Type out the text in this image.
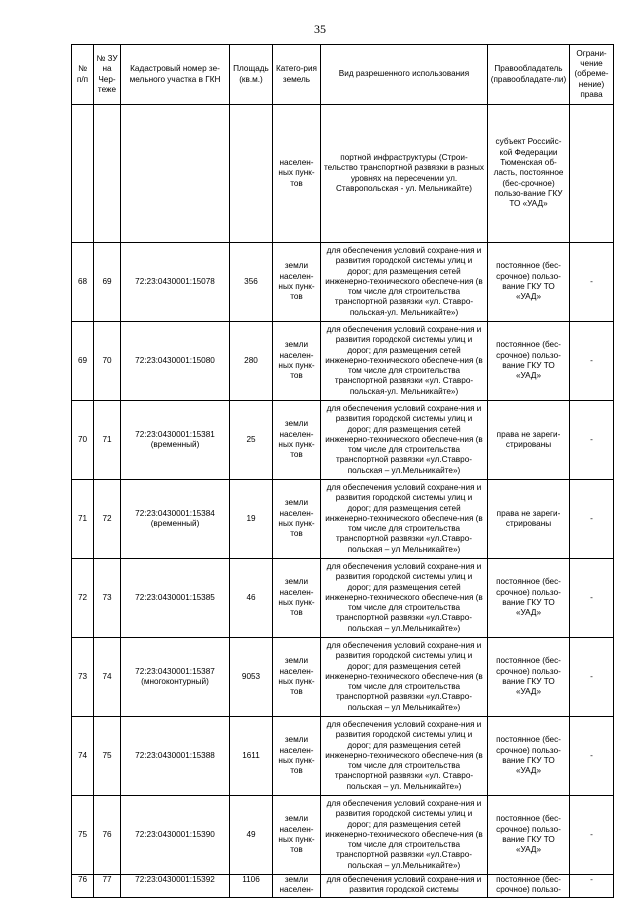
35
№ п/п	№ ЗУ на Чер-теже	Кадастровый номер зе-мельного участка в ГКН	Площадь (кв.м.)	Катего-рия земель	Вид разрешенного использования	Правообладатель (правообладате-ли)	Ограни-чение (обреме-нение) права
				населен-ных пунк-тов	портной инфраструктуры (Строи-тельство транспортной развязки в разных уровнях на пересечении ул. Ставропольская - ул. Мельникайте)	субъект Российс-кой Федерации Тюменская об-ласть, постоянное (бес-срочное) пользо-вание ГКУ ТО «УАД»	
68	69	72:23:0430001:15078	356	земли населен-ных пунк-тов	для обеспечения условий сохране-ния и развития городской системы улиц и дорог; для размещения сетей инженерно-технического обеспече-ния (в том числе для строительства транспортной развязки «ул. Ставро-польская-ул. Мельникайте»)	постоянное (бес-срочное) пользо-вание ГКУ ТО «УАД»	-
69	70	72:23:0430001:15080	280	земли населен-ных пунк-тов	для обеспечения условий сохране-ния и развития городской системы улиц и дорог; для размещения сетей инженерно-технического обеспече-ния (в том числе для строительства транспортной развязки «ул. Ставро-польская-ул. Мельникайте»)	постоянное (бес-срочное) пользо-вание ГКУ ТО «УАД»	-
70	71	72:23:0430001:15381 (временный)	25	земли населен-ных пунк-тов	для обеспечения условий сохране-ния и развития городской системы улиц и дорог; для размещения сетей инженерно-технического обеспече-ния (в том числе для строительства транспортной развязки «ул.Ставро-польская – ул.Мельникайте»)	права не зареги-стрированы	-
71	72	72:23:0430001:15384 (временный)	19	земли населен-ных пунк-тов	для обеспечения условий сохране-ния и развития городской системы улиц и дорог; для размещения сетей инженерно-технического обеспече-ния (в том числе для строительства транспортной развязки «ул.Ставро-польская – ул Мельникайте»)	права не зареги-стрированы	-
72	73	72:23:0430001:15385	46	земли населен-ных пунк-тов	для обеспечения условий сохране-ния и развития городской системы улиц и дорог; для размещения сетей инженерно-технического обеспече-ния (в том числе для строительства транспортной развязки «ул.Ставро-польская – ул.Мельникайте»)	постоянное (бес-срочное) пользо-вание ГКУ ТО «УАД»	-
73	74	72:23:0430001:15387 (многоконтурный)	9053	земли населен-ных пунк-тов	для обеспечения условий сохране-ния и развития городской системы улиц и дорог; для размещения сетей инженерно-технического обеспече-ния (в том числе для строительства транспортной развязки «ул.Ставро-польская – ул Мельникайте»)	постоянное (бес-срочное) пользо-вание ГКУ ТО «УАД»	-
74	75	72:23:0430001:15388	1611	земли населен-ных пунк-тов	для обеспечения условий сохране-ния и развития городской системы улиц и дорог; для размещения сетей инженерно-технического обеспече-ния (в том числе для строительства транспортной развязки «ул. Ставро-польская – ул. Мельникайте»)	постоянное (бес-срочное) пользо-вание ГКУ ТО «УАД»	-
75	76	72:23:0430001:15390	49	земли населен-ных пунк-тов	для обеспечения условий сохране-ния и развития городской системы улиц и дорог; для размещения сетей инженерно-технического обеспече-ния (в том числе для строительства транспортной развязки «ул.Ставро-польская – ул.Мельникайте»)	постоянное (бес-срочное) пользо-вание ГКУ ТО «УАД»	-
76	77	72:23:0430001:15392	1106	земли населен-	для обеспечения условий сохране-ния и развития городской системы	постоянное (бес-срочное) пользо-	-
